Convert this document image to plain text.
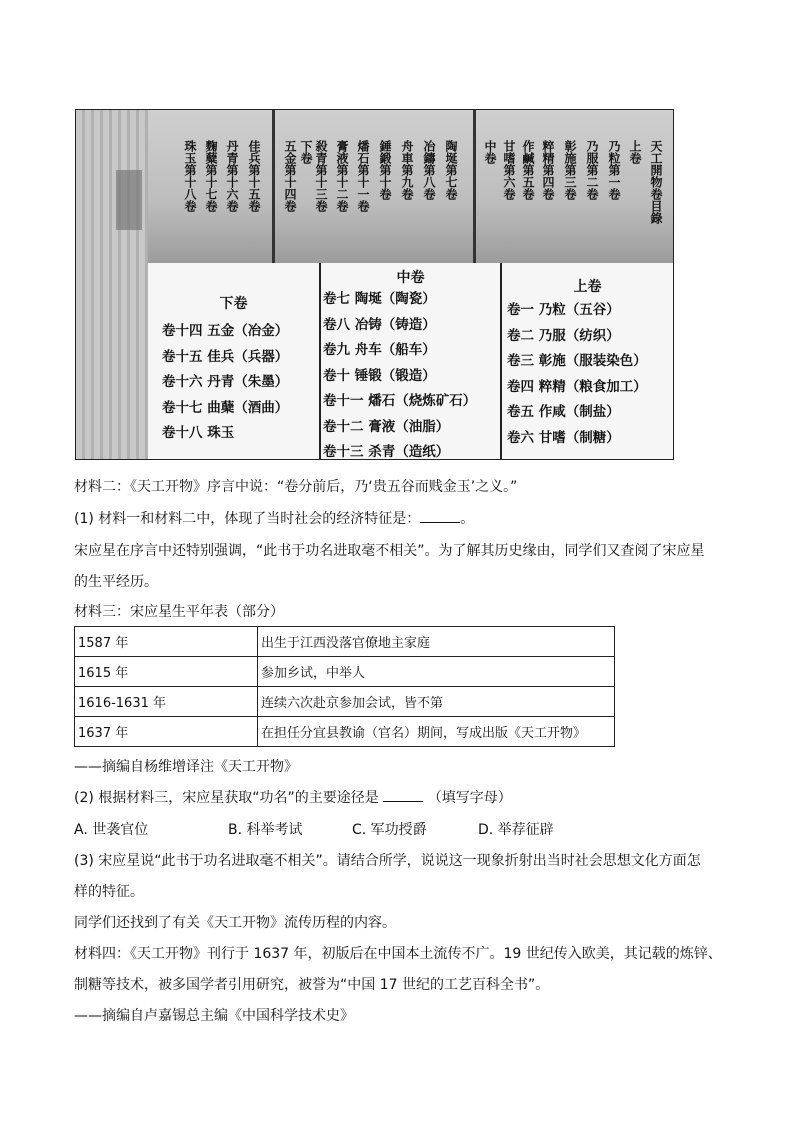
天工開物卷目錄
上卷
乃粒第一卷
乃服第二卷
彰施第三卷
粹精第四卷
作鹹第五卷
甘嗜第六卷
中卷
陶埏第七卷
冶鑄第八卷
舟車第九卷
錘鍛第十卷
燔石第十一卷
膏液第十二卷
殺青第十三卷
下卷
五金第十四卷
佳兵第十五卷
丹青第十六卷
麴糵第十七卷
珠玉第十八卷
下卷
卷十四 五金（冶金）
卷十五 佳兵（兵器）
卷十六 丹青（朱墨）
卷十七 曲蘖（酒曲）
卷十八 珠玉
中卷
卷七 陶埏（陶瓷）
卷八 冶铸（铸造）
卷九 舟车（船车）
卷十 锤锻（锻造）
卷十一 燔石（烧炼矿石）
卷十二 膏液（油脂）
卷十三 杀青（造纸）
上卷
卷一 乃粒（五谷）
卷二 乃服（纺织）
卷三 彰施（服装染色）
卷四 粹精（粮食加工）
卷五 作咸（制盐）
卷六 甘嗜（制糖）
材料二：《天工开物》序言中说：“卷分前后，乃‘贵五谷而贱金玉’之义。”
(1) 材料一和材料二中，体现了当时社会的经济特征是：	。
宋应星在序言中还特别强调，“此书于功名进取毫不相关”。为了解其历史缘由，同学们又查阅了宋应星
的生平经历。
材料三：宋应星生平年表（部分）
1587 年	出生于江西没落官僚地主家庭
1615 年	参加乡试，中举人
1616-1631 年	连续六次赴京参加会试，皆不第
1637 年	在担任分宜县教谕（官名）期间，写成出版《天工开物》
——摘编自杨维增译注《天工开物》
(2) 根据材料三，宋应星获取“功名”的主要途径是	（填写字母）
A. 世袭官位	B. 科举考试	C. 军功授爵	D. 举荐征辟
(3) 宋应星说“此书于功名进取毫不相关”。请结合所学，说说这一现象折射出当时社会思想文化方面怎
样的特征。
同学们还找到了有关《天工开物》流传历程的内容。
材料四：《天工开物》刊行于 1637 年，初版后在中国本土流传不广。19 世纪传入欧美，其记载的炼锌、
制糖等技术，被多国学者引用研究，被誉为“中国 17 世纪的工艺百科全书”。
——摘编自卢嘉锡总主编《中国科学技术史》
